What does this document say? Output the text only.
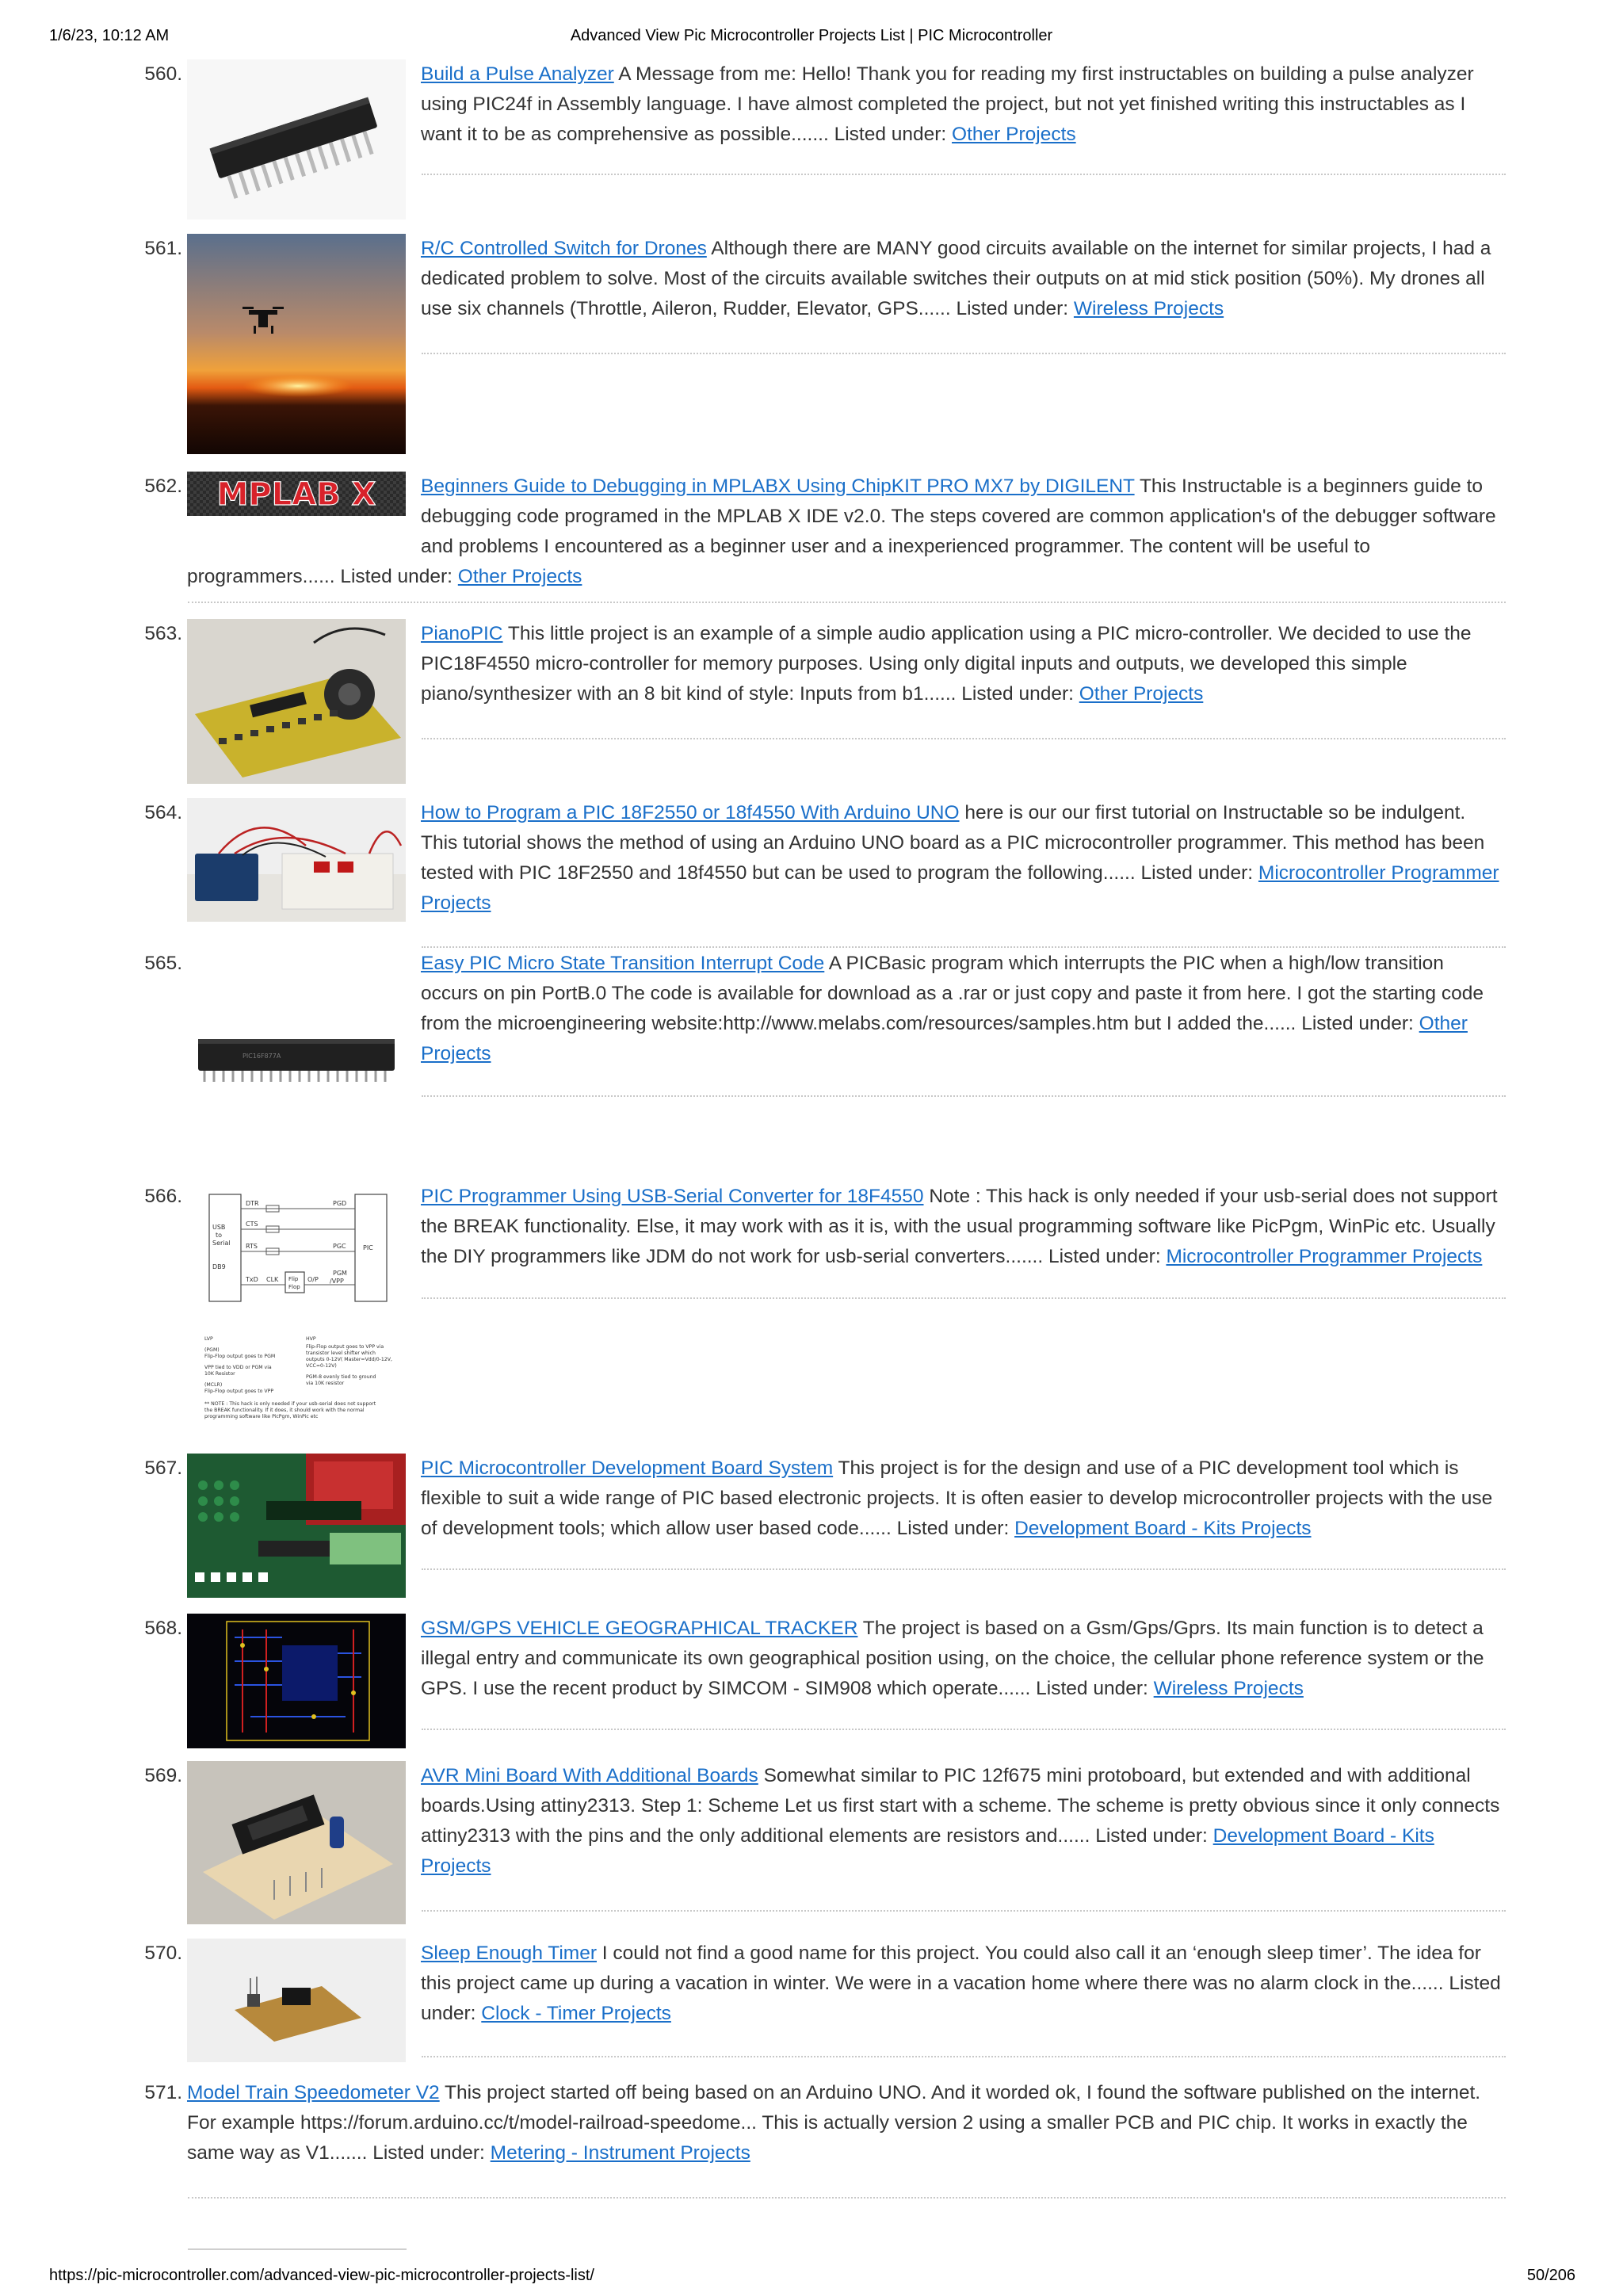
1/6/23, 10:12 AM	Advanced View Pic Microcontroller Projects List | PIC Microcontroller
560.	Build a Pulse Analyzer A Message from me: Hello! Thank you for reading my first instructables on building a pulse analyzer using PIC24f in Assembly language. I have almost completed the project, but not yet finished writing this instructables as I want it to be as comprehensive as possible....... Listed under: Other Projects
561.	R/C Controlled Switch for Drones Although there are MANY good circuits available on the internet for similar projects, I had a dedicated problem to solve. Most of the circuits available switches their outputs on at mid stick position (50%). My drones all use six channels (Throttle, Aileron, Rudder, Elevator, GPS...... Listed under: Wireless Projects
562. MPLAB X Beginners Guide to Debugging in MPLABX Using ChipKIT PRO MX7 by DIGILENT This Instructable is a beginners guide to debugging code programed in the MPLAB X IDE v2.0. The steps covered are common application's of the debugger software and problems I encountered as a beginner user and a inexperienced programmer. The content will be useful to
programmers...... Listed under: Other Projects
563.	PianoPIC This little project is an example of a simple audio application using a PIC micro-controller. We decided to use the PIC18F4550 micro-controller for memory purposes. Using only digital inputs and outputs, we developed this simple piano/synthesizer with an 8 bit kind of style: Inputs from b1...... Listed under: Other Projects
564.	How to Program a PIC 18F2550 or 18f4550 With Arduino UNO here is our our first tutorial on Instructable so be indulgent. This tutorial shows the method of using an Arduino UNO board as a PIC microcontroller programmer. This method has been tested with PIC 18F2550 and 18f4550 but can be used to program the following...... Listed under: Microcontroller Programmer Projects
565.
PIC16F877A
Easy PIC Micro State Transition Interrupt Code A PICBasic program which interrupts the PIC when a high/low transition occurs on pin PortB.0 The code is available for download as a .rar or just copy and paste it from here. I got the starting code from the microengineering website:http://www.melabs.com/resources/samples.htm but I added the...... Listed under: Other Projects
566.
USB
to
Serial
DB9
DTR
CTS
RTS
TxD CLK Flip
Flop
O/P
PGD
PGC
PGM
/VPP
PIC
LVP
(PGM)
Flip-Flop output goes to PGM
VPP tied to VDD or PGM via
10K Resistor
(MCLR)
Flip-Flop output goes to VPP
HVP
Flip-Flop output goes to VPP via
transistor level shifter which
outputs 0-12V( Master=Vdd/0-12V,
VCC=0-12V)
PGM-8 evenly tied to ground
via 10K resistor
** NOTE : This hack is only needed if your usb-serial does not support
the BREAK functionality. If it does, it should work with the normal
programming software like PicPgm, WinPic etc
PIC Programmer Using USB-Serial Converter for 18F4550 Note : This hack is only needed if your usb-serial does not support the BREAK functionality. Else, it may work with as it is, with the usual programming software like PicPgm, WinPic etc. Usually the DIY programmers like JDM do not work for usb-serial converters....... Listed under: Microcontroller Programmer Projects
567.	PIC Microcontroller Development Board System This project is for the design and use of a PIC development tool which is flexible to suit a wide range of PIC based electronic projects. It is often easier to develop microcontroller projects with the use of development tools; which allow user based code...... Listed under: Development Board - Kits Projects
568.	GSM/GPS VEHICLE GEOGRAPHICAL TRACKER The project is based on a Gsm/Gps/Gprs. Its main function is to detect a illegal entry and communicate its own geographical position using, on the choice, the cellular phone reference system or the GPS. I use the recent product by SIMCOM - SIM908 which operate...... Listed under: Wireless Projects
569.	AVR Mini Board With Additional Boards Somewhat similar to PIC 12f675 mini protoboard, but extended and with additional boards.Using attiny2313. Step 1: Scheme Let us first start with a scheme. The scheme is pretty obvious since it only connects attiny2313 with the pins and the only additional elements are resistors and...... Listed under: Development Board - Kits Projects
570.	Sleep Enough Timer I could not find a good name for this project. You could also call it an ‘enough sleep timer’. The idea for this project came up during a vacation in winter. We were in a vacation home where there was no alarm clock in the...... Listed under: Clock - Timer Projects
571. Model Train Speedometer V2 This project started off being based on an Arduino UNO. And it worded ok, I found the software published on the internet. For example https://forum.arduino.cc/t/model-railroad-speedome... This is actually version 2 using a smaller PCB and PIC chip. It works in exactly the same way as V1....... Listed under: Metering - Instrument Projects
https://pic-microcontroller.com/advanced-view-pic-microcontroller-projects-list/	50/206
